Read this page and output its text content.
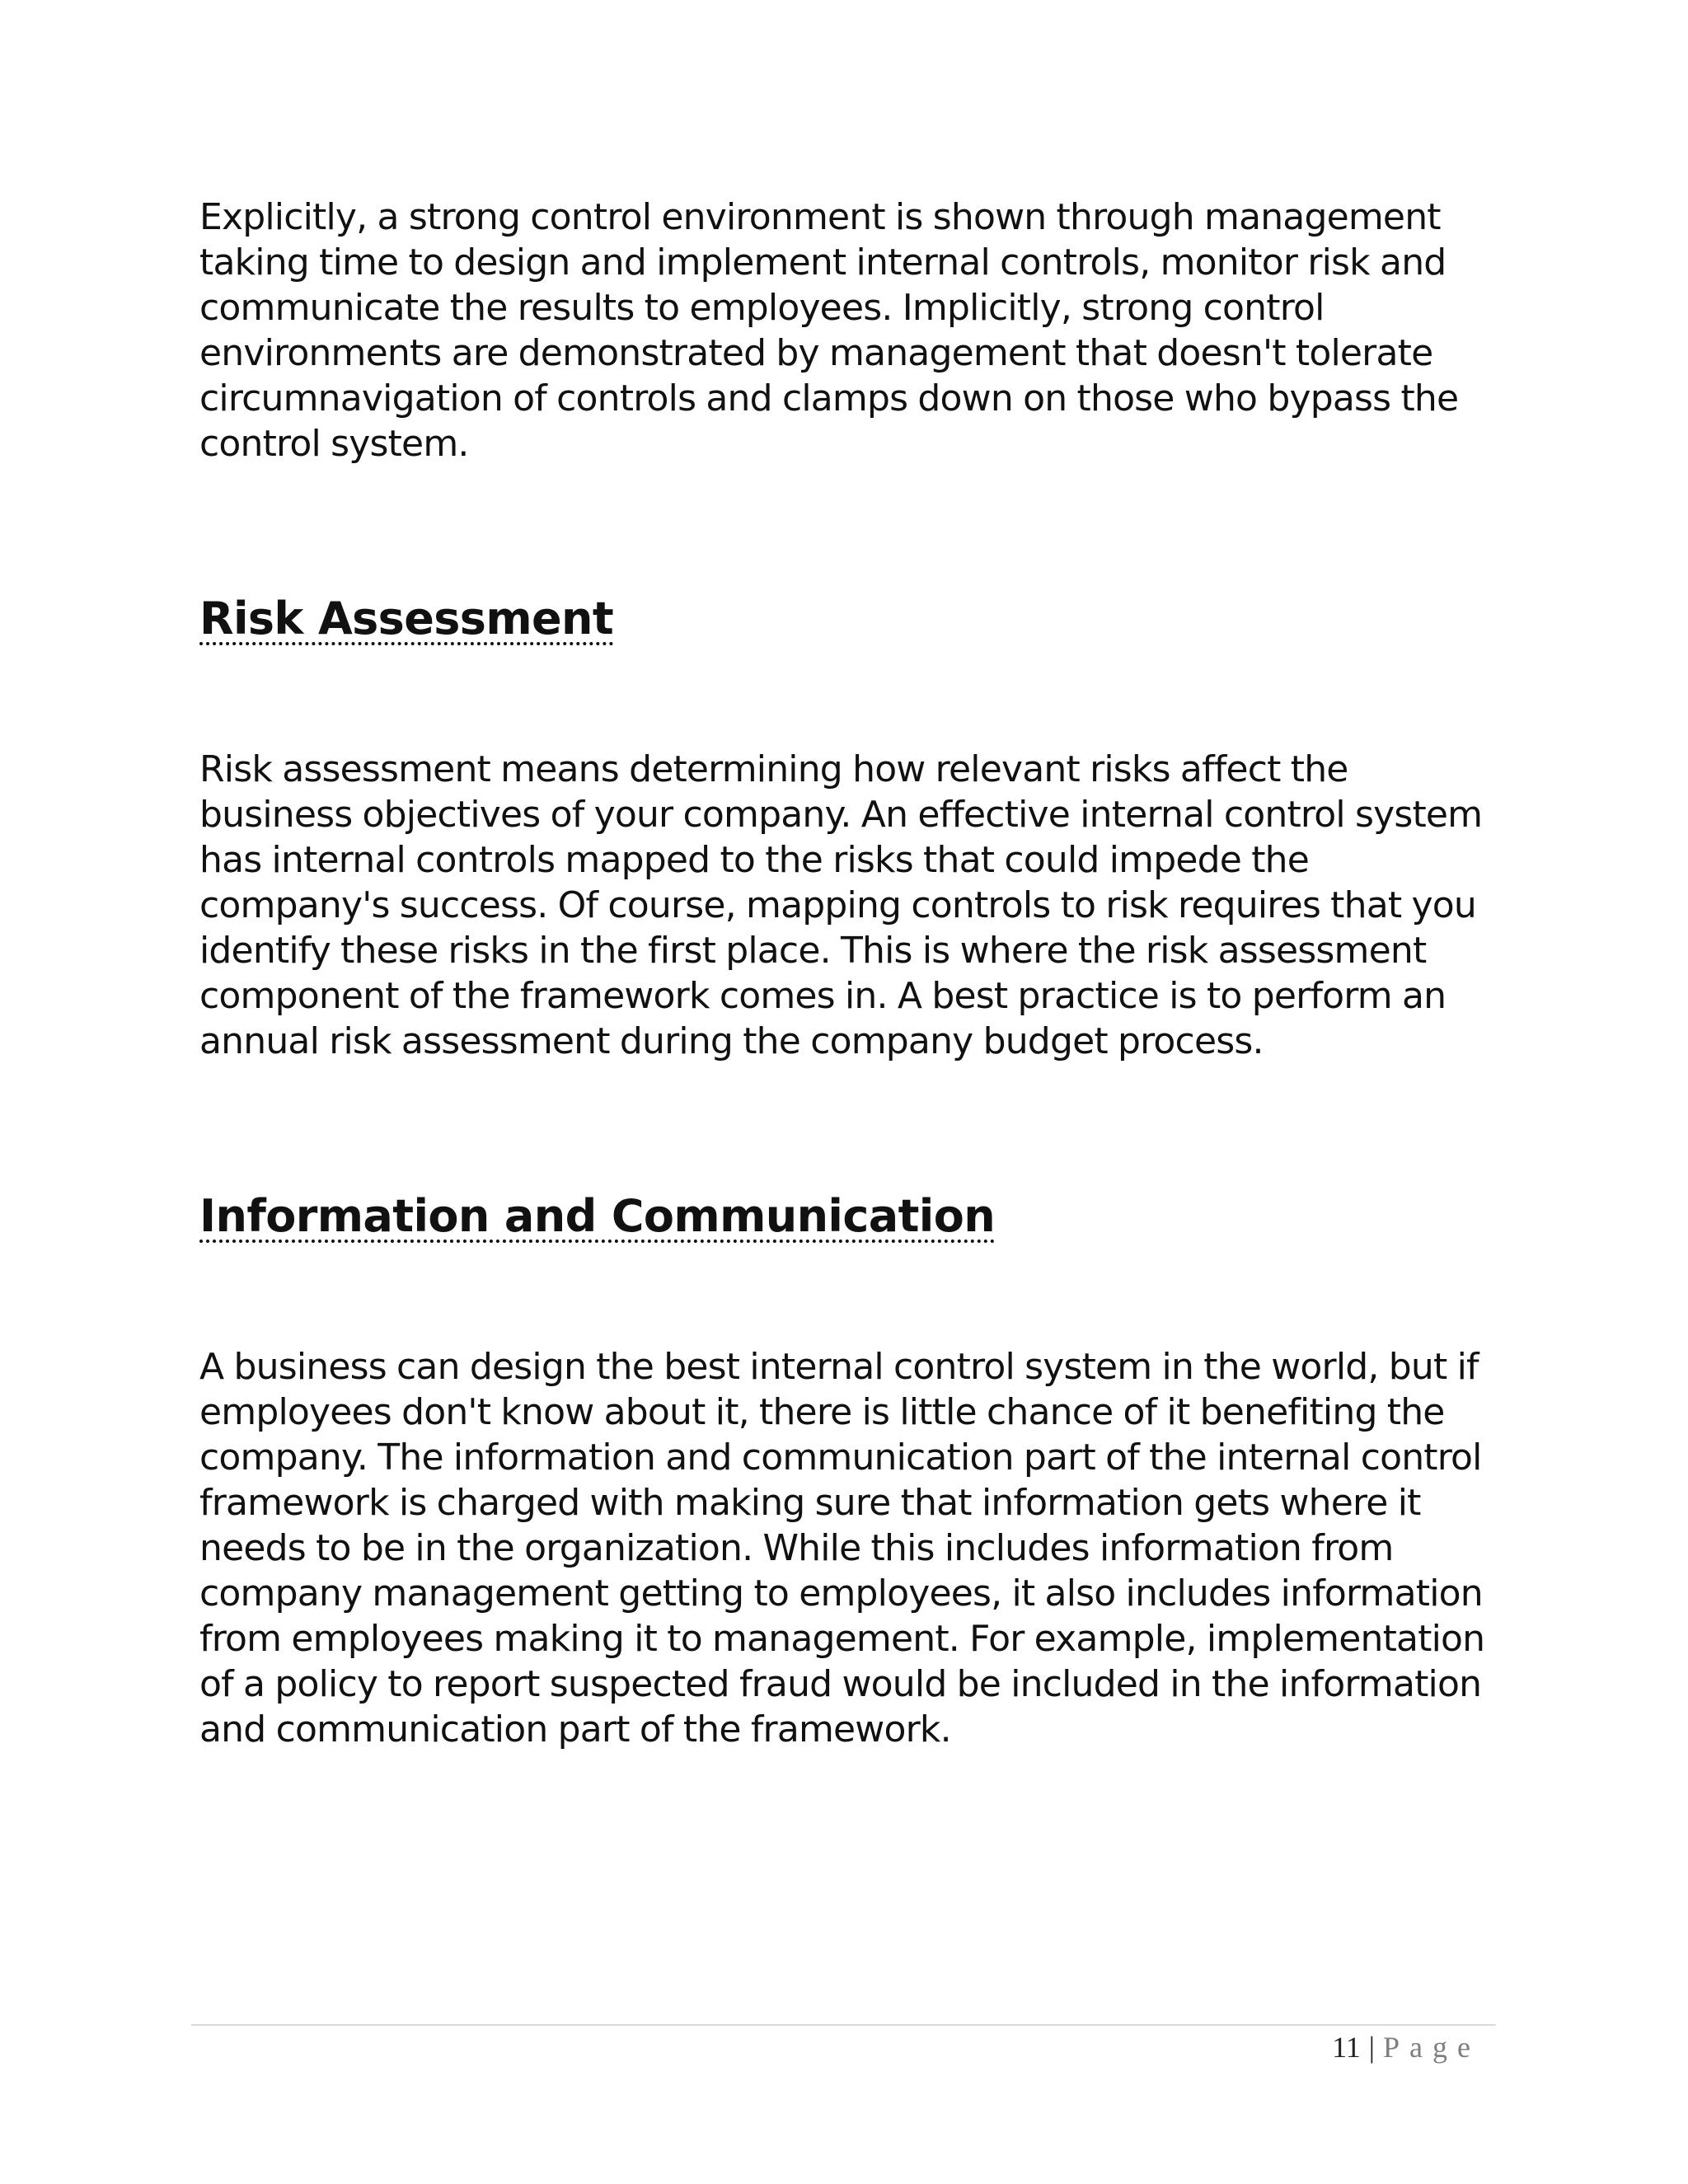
Explicitly, a strong control environment is shown through management taking time to design and implement internal controls, monitor risk and communicate the results to employees. Implicitly, strong control environments are demonstrated by management that doesn't tolerate circumnavigation of controls and clamps down on those who bypass the control system.

Risk Assessment

Risk assessment means determining how relevant risks affect the business objectives of your company. An effective internal control system has internal controls mapped to the risks that could impede the company's success. Of course, mapping controls to risk requires that you identify these risks in the first place. This is where the risk assessment component of the framework comes in. A best practice is to perform an annual risk assessment during the company budget process.

Information and Communication

A business can design the best internal control system in the world, but if employees don't know about it, there is little chance of it benefiting the company. The information and communication part of the internal control framework is charged with making sure that information gets where it needs to be in the organization. While this includes information from company management getting to employees, it also includes information from employees making it to management. For example, implementation of a policy to report suspected fraud would be included in the information and communication part of the framework.

11 | Page
